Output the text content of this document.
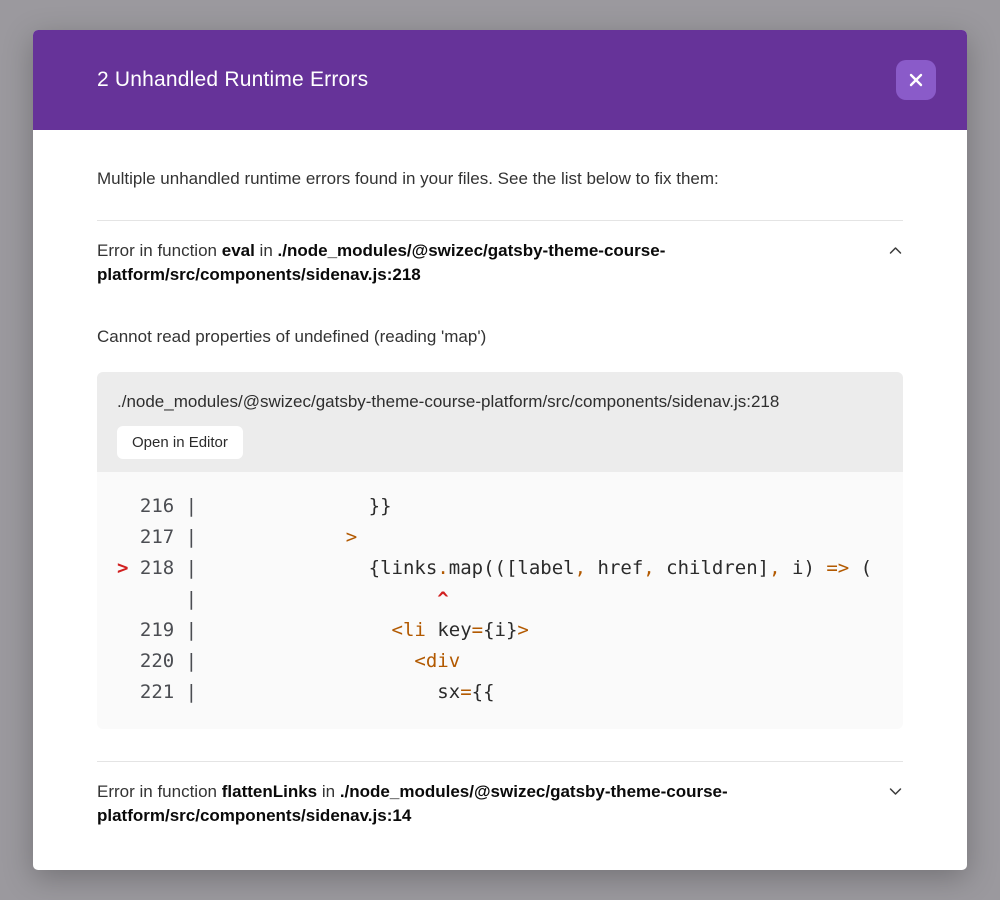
2 Unhandled Runtime Errors

Multiple unhandled runtime errors found in your files. See the list below to fix them:

Error in function eval in ./node_modules/@swizec/gatsby-theme-course-platform/src/components/sidenav.js:218

Cannot read properties of undefined (reading 'map')

./node_modules/@swizec/gatsby-theme-course-platform/src/components/sidenav.js:218
Open in Editor
216 |               }}
217 |	>
> 218 |               {links.map(([label, href, children], i) => (
|                     ^
219 |	<li key={i}>
220 |	<div
221 |                     sx={{
Error in function flattenLinks in ./node_modules/@swizec/gatsby-theme-course-platform/src/components/sidenav.js:14
